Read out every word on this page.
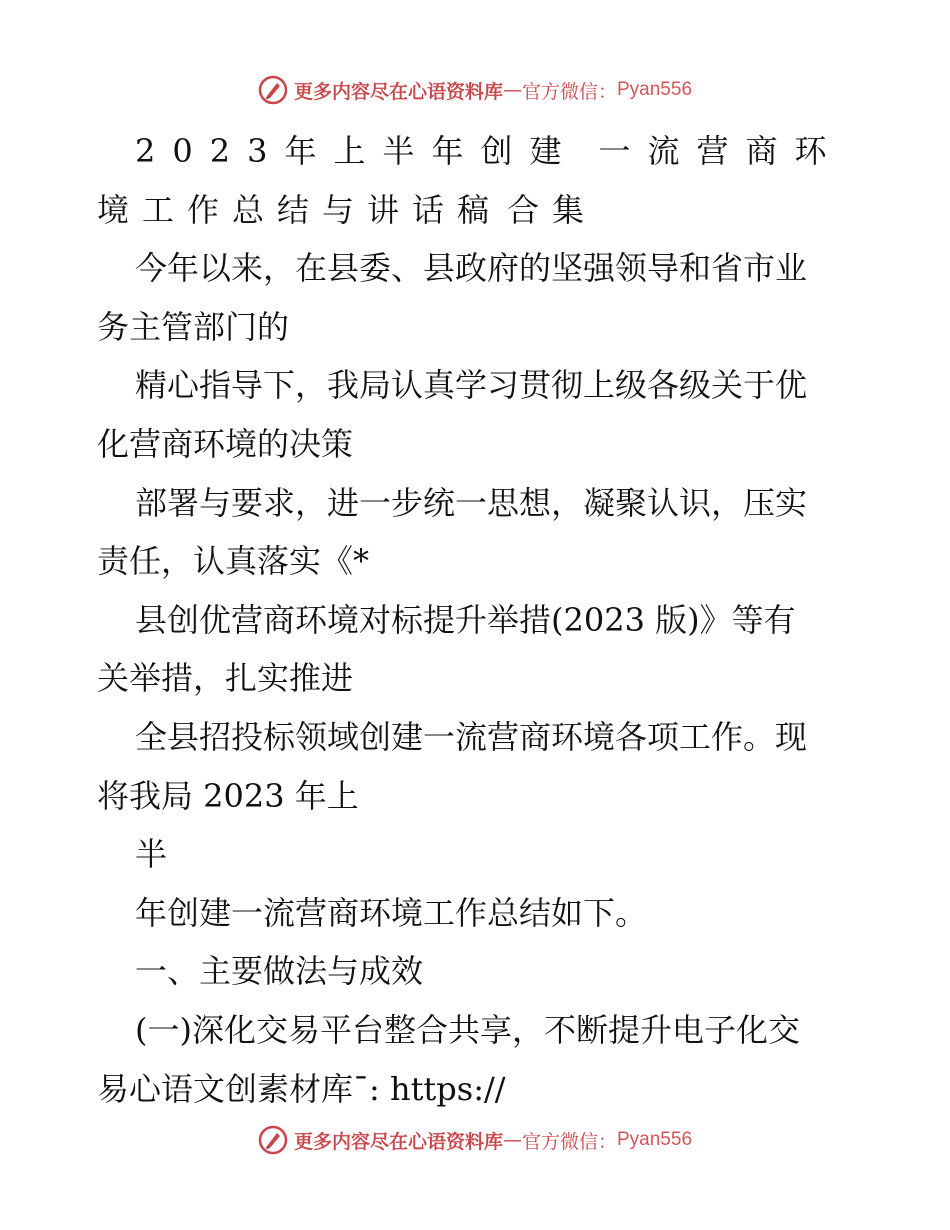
更多内容尽在心语资料库 — 官方微信： Pyan556
2023年上半年创建 一流营商环
境工作总结与讲话稿 合集
今年以来，在县委、县政府的坚强领导和省市业
务主管部门的
精心指导下，我局认真学习贯彻上级各级关于优
化营商环境的决策
部署与要求，进一步统一思想，凝聚认识，压实
责任，认真落实《*
县创优营商环境对标提升举措(2023 版)》等有
关举措，扎实推进
全县招投标领域创建一流营商环境各项工作。现
将我局 2023 年上
半
年创建一流营商环境工作总结如下。
一、主要做法与成效
(一)深化交易平台整合共享，不断提升电子化交
易心语文创素材库¯: https://
更多内容尽在心语资料库 — 官方微信： Pyan556
